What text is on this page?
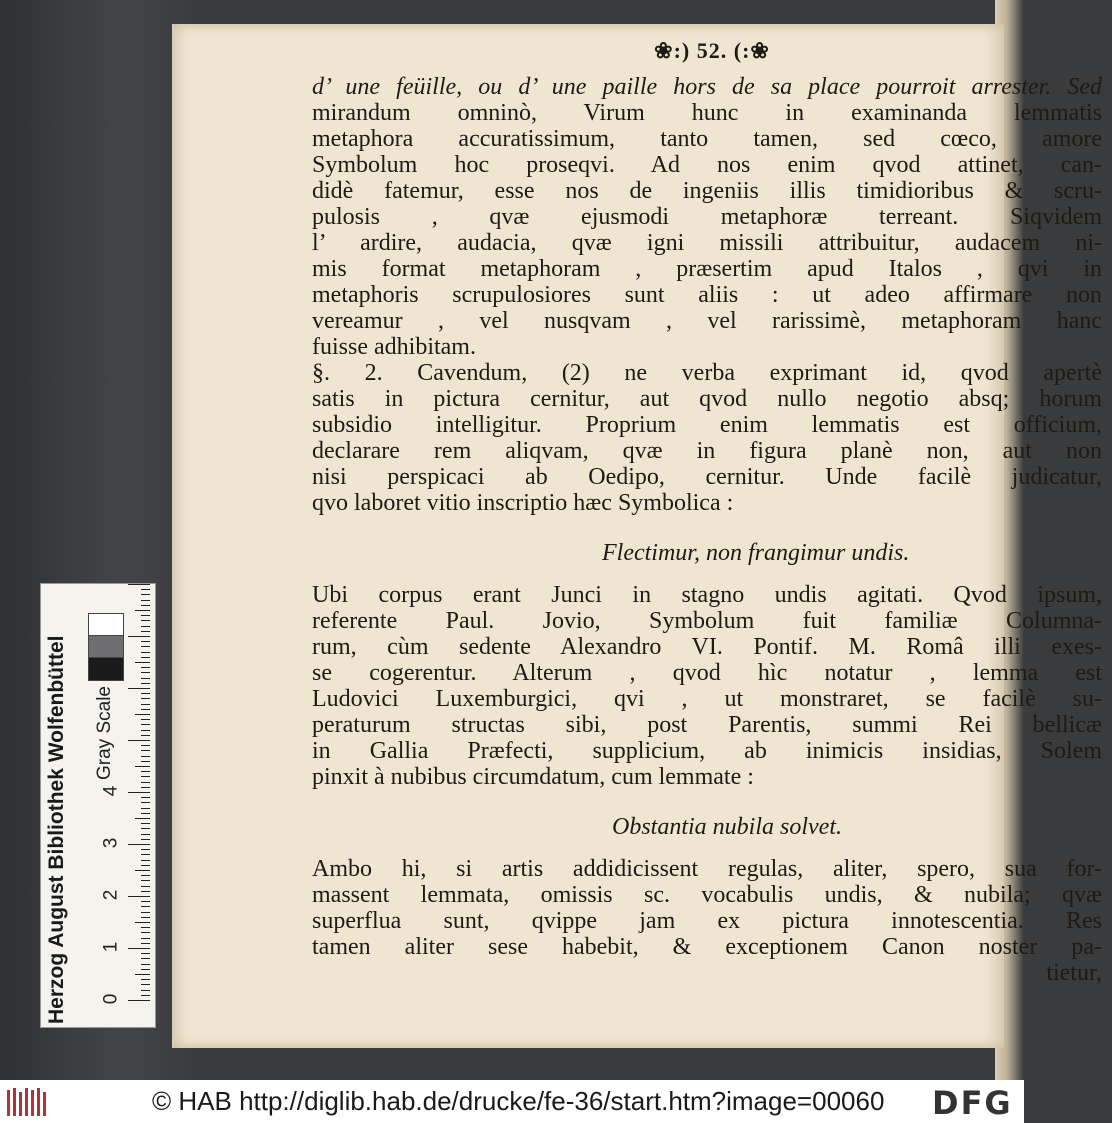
❀:) 52. (:❀
d’ une feüille, ou d’ une paille hors de sa place pourroit arrester. Sed
mirandum omninò, Virum hunc in examinanda lemmatis
metaphora accuratissimum, tanto tamen, sed cœco, amore
Symbolum hoc proseqvi. Ad nos enim qvod attinet, can-
didè fatemur, esse nos de ingeniis illis timidioribus & scru-
pulosis , qvæ ejusmodi metaphoræ terreant. Siqvidem
l’ ardire, audacia, qvæ igni missili attribuitur, audacem ni-
mis format metaphoram , præsertim apud Italos , qvi in
metaphoris scrupulosiores sunt aliis : ut adeo affirmare non
vereamur , vel nusqvam , vel rarissimè, metaphoram hanc
fuisse adhibitam.
§. 2. Cavendum, (2) ne verba exprimant id, qvod apertè
satis in pictura cernitur, aut qvod nullo negotio absq; horum
subsidio intelligitur. Proprium enim lemmatis est officium,
declarare rem aliqvam, qvæ in figura planè non, aut non
nisi perspicaci ab Oedipo, cernitur. Unde facilè judicatur,
qvo laboret vitio inscriptio hæc Symbolica :
Flectimur, non frangimur undis.
Ubi corpus erant Junci in stagno undis agitati. Qvod ipsum,
referente Paul. Jovio, Symbolum fuit familiæ Columna-
rum, cùm sedente Alexandro VI. Pontif. M. Româ illi exes-
se cogerentur. Alterum , qvod hìc notatur , lemma est
Ludovici Luxemburgici, qvi , ut monstraret, se facilè su-
peraturum structas sibi, post Parentis, summi Rei bellicæ
in Gallia Præfecti, supplicium, ab inimicis insidias, Solem
pinxit à nubibus circumdatum, cum lemmate :
Obstantia nubila solvet.
Ambo hi, si artis addidicissent regulas, aliter, spero, sua for-
massent lemmata, omissis sc. vocabulis undis, & nubila; qvæ
superflua sunt, qvippe jam ex pictura innotescentia. Res
tamen aliter sese habebit, & exceptionem Canon noster pa-
tietur,
Herzog August Bibliothek Wolfenbüttel	Gray Scale
0
1
2
3
4
© HAB http://diglib.hab.de/drucke/fe-36/start.htm?image=00060 DFG
